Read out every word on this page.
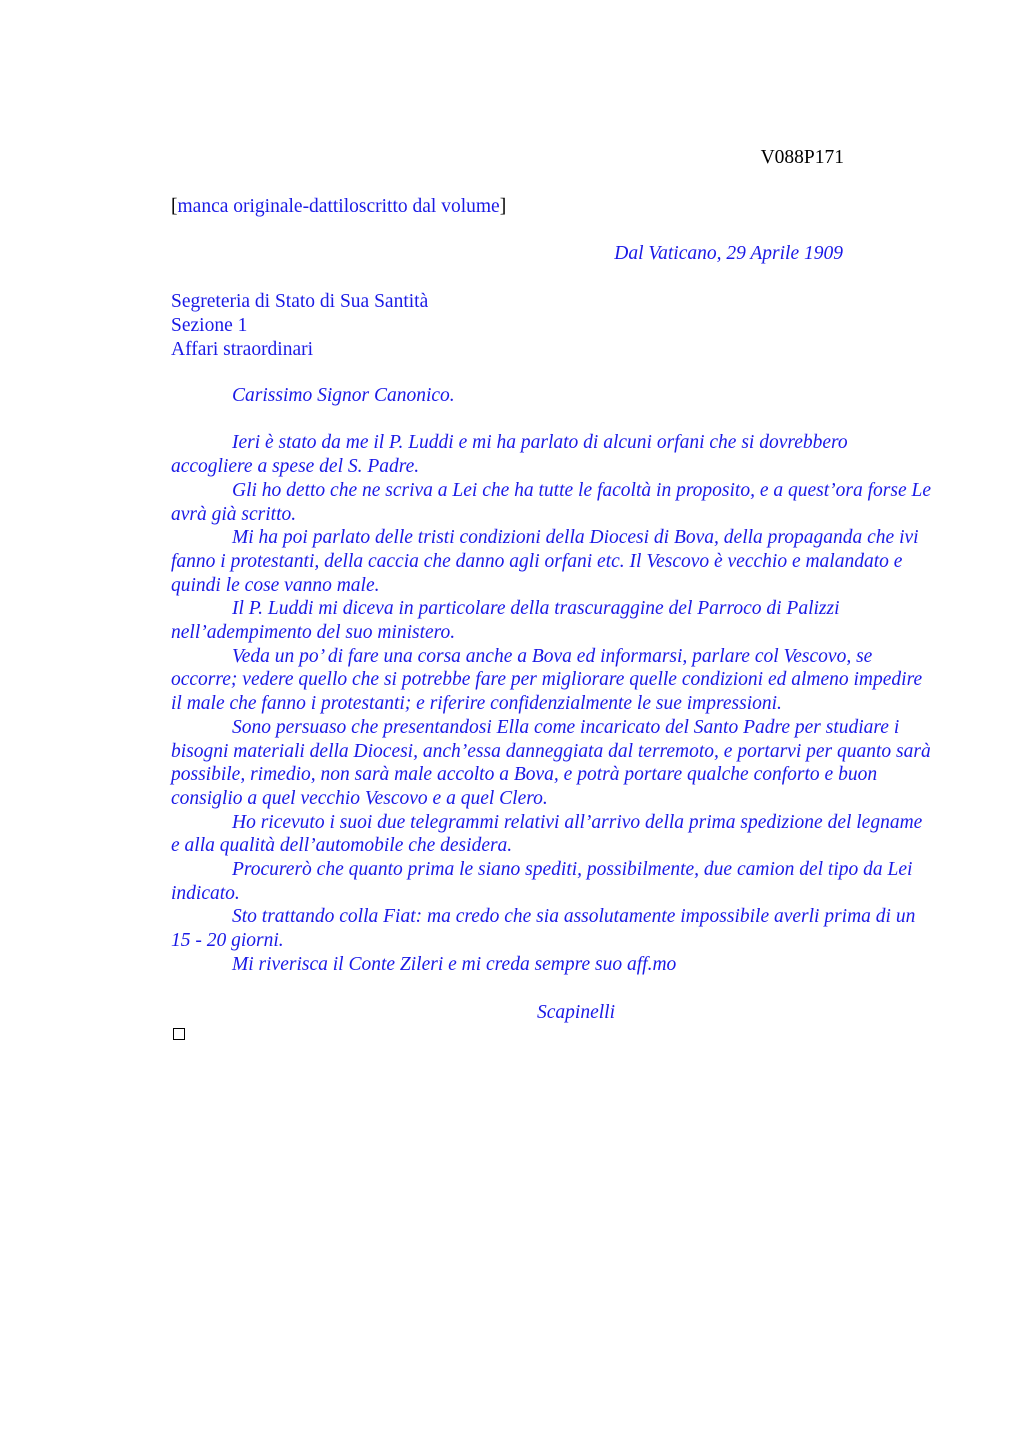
V088P171
[manca originale-dattiloscritto dal volume]
Dal Vaticano, 29 Aprile 1909
Segreteria di Stato di Sua Santità
Sezione 1
Affari straordinari
Carissimo Signor Canonico.

Ieri è stato da me il P. Luddi e mi ha parlato di alcuni orfani che si dovrebbero accogliere a spese del S. Padre.

Gli ho detto che ne scriva a Lei che ha tutte le facoltà in proposito, e a quest’ora forse Le avrà già scritto.

Mi ha poi parlato delle tristi condizioni della Diocesi di Bova, della propaganda che ivi fanno i protestanti, della caccia che danno agli orfani etc. Il Vescovo è vecchio e malandato e quindi le cose vanno male.

Il P. Luddi mi diceva in particolare della trascuraggine del Parroco di Palizzi nell’adempimento del suo ministero.

Veda un po’ di fare una corsa anche a Bova ed informarsi, parlare col Vescovo, se occorre; vedere quello che si potrebbe fare per migliorare quelle condizioni ed almeno impedire il male che fanno i protestanti; e riferire confidenzialmente le sue impressioni.

Sono persuaso che presentandosi Ella come incaricato del Santo Padre per studiare i bisogni materiali della Diocesi, anch’essa danneggiata dal terremoto, e portarvi per quanto sarà possibile, rimedio, non sarà male accolto a Bova, e potrà portare qualche conforto e buon consiglio a quel vecchio Vescovo e a quel Clero.

Ho ricevuto i suoi due telegrammi relativi all’arrivo della prima spedizione del legname e alla qualità dell’automobile che desidera.

Procurerò che quanto prima le siano spediti, possibilmente, due camion del tipo da Lei indicato.

Sto trattando colla Fiat: ma credo che sia assolutamente impossibile averli prima di un 15 - 20 giorni.

Mi riverisca il Conte Zileri e mi creda sempre suo aff.mo

Scapinelli
